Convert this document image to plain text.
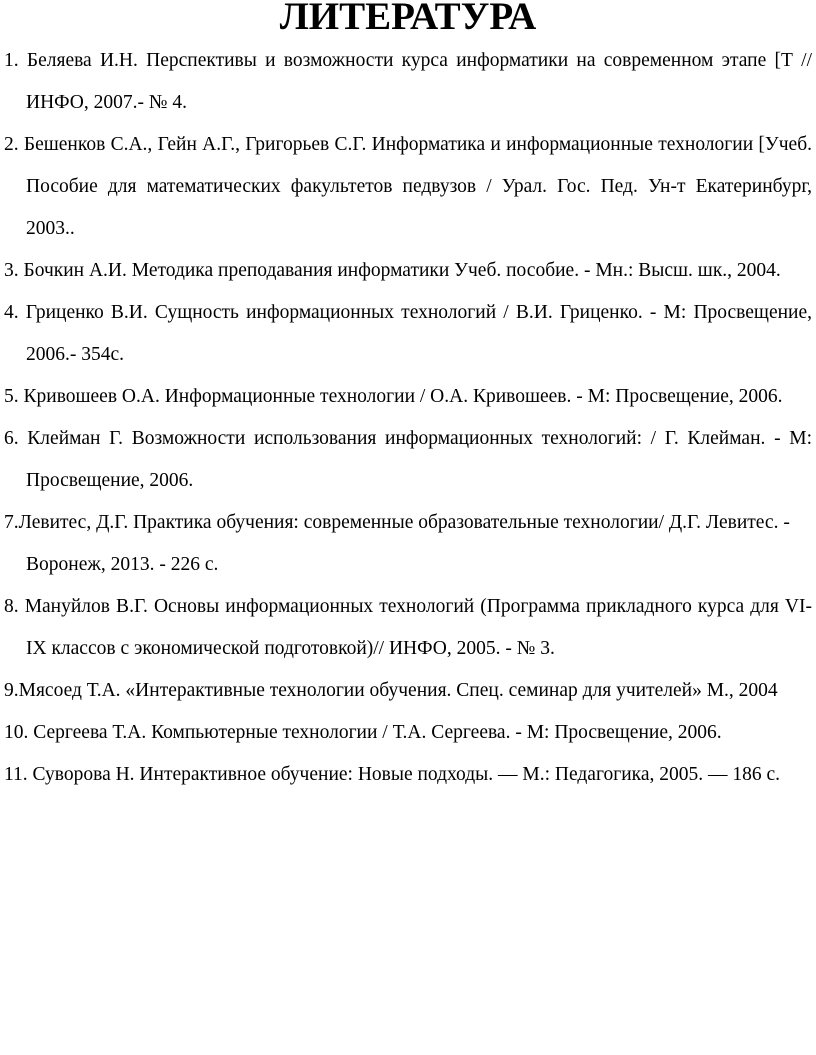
ЛИТЕРАТУРА
1. Беляева И.Н. Перспективы и возможности курса информатики на современном этапе [Т // ИНФО, 2007.- № 4.
2. Бешенков С.А., Гейн А.Г., Григорьев С.Г. Информатика и информационные технологии [Учеб. Пособие для математических факультетов педвузов / Урал. Гос. Пед. Ун-т Екатеринбург, 2003..
3. Бочкин А.И. Методика преподавания информатики Учеб. пособие. - Мн.: Высш. шк., 2004.
4. Гриценко В.И. Сущность информационных технологий / В.И. Гриценко. - М: Просвещение, 2006.- 354с.
5. Кривошеев О.А. Информационные технологии / О.А. Кривошеев. - М: Просвещение, 2006.
6. Клейман Г. Возможности использования информационных технологий: / Г. Клейман. - М: Просвещение, 2006.
7.Левитес, Д.Г. Практика обучения: современные образовательные технологии/ Д.Г. Левитес. - Воронеж, 2013. - 226 с.
8. Мануйлов В.Г. Основы информационных технологий (Программа прикладного курса для VI-IX классов с экономической подготовкой)// ИНФО, 2005. - № 3.
9.Мясоед Т.А. «Интерактивные технологии обучения. Спец. семинар для учителей» М., 2004
10. Сергеева Т.А. Компьютерные технологии / Т.А. Сергеева. - М: Просвещение, 2006.
11. Суворова Н. Интерактивное обучение: Новые подходы. — М.: Педагогика, 2005. — 186 с.
